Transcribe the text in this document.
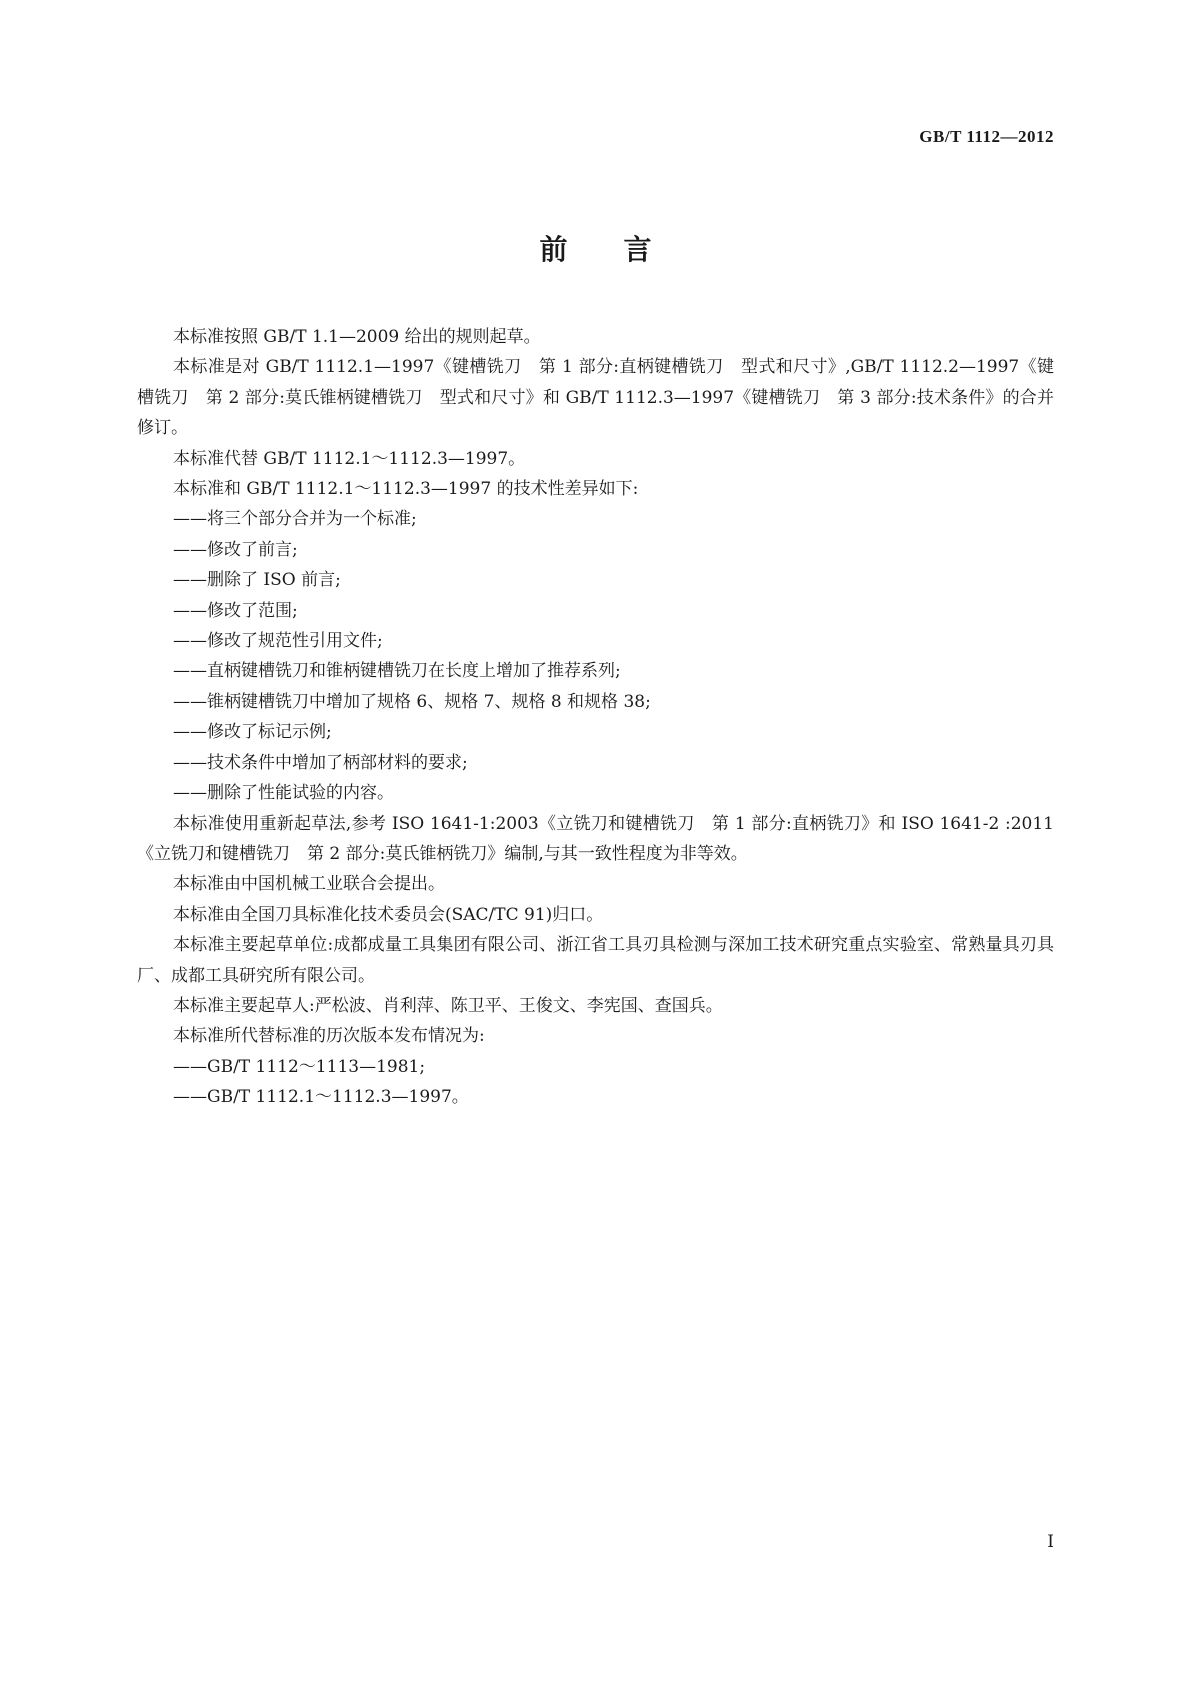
GB/T 1112—2012
前 言

本标准按照 GB/T 1.1—2009 给出的规则起草。

本标准是对 GB/T 1112.1—1997《键槽铣刀　第 1 部分:直柄键槽铣刀　型式和尺寸》,GB/T 1112.2—1997《键槽铣刀　第 2 部分:莫氏锥柄键槽铣刀　型式和尺寸》和 GB/T 1112.3—1997《键槽铣刀　第 3 部分:技术条件》的合并修订。

本标准代替 GB/T 1112.1～1112.3—1997。

本标准和 GB/T 1112.1～1112.3—1997 的技术性差异如下:

——将三个部分合并为一个标准;

——修改了前言;

——删除了 ISO 前言;

——修改了范围;

——修改了规范性引用文件;

——直柄键槽铣刀和锥柄键槽铣刀在长度上增加了推荐系列;

——锥柄键槽铣刀中增加了规格 6、规格 7、规格 8 和规格 38;

——修改了标记示例;

——技术条件中增加了柄部材料的要求;

——删除了性能试验的内容。

本标准使用重新起草法,参考 ISO 1641-1:2003《立铣刀和键槽铣刀　第 1 部分:直柄铣刀》和 ISO 1641-2 :2011《立铣刀和键槽铣刀　第 2 部分:莫氏锥柄铣刀》编制,与其一致性程度为非等效。

本标准由中国机械工业联合会提出。

本标准由全国刀具标准化技术委员会(SAC/TC 91)归口。

本标准主要起草单位:成都成量工具集团有限公司、浙江省工具刃具检测与深加工技术研究重点实验室、常熟量具刃具厂、成都工具研究所有限公司。

本标准主要起草人:严松波、肖利萍、陈卫平、王俊文、李宪国、查国兵。

本标准所代替标准的历次版本发布情况为:

——GB/T 1112～1113—1981;

——GB/T 1112.1～1112.3—1997。

I
